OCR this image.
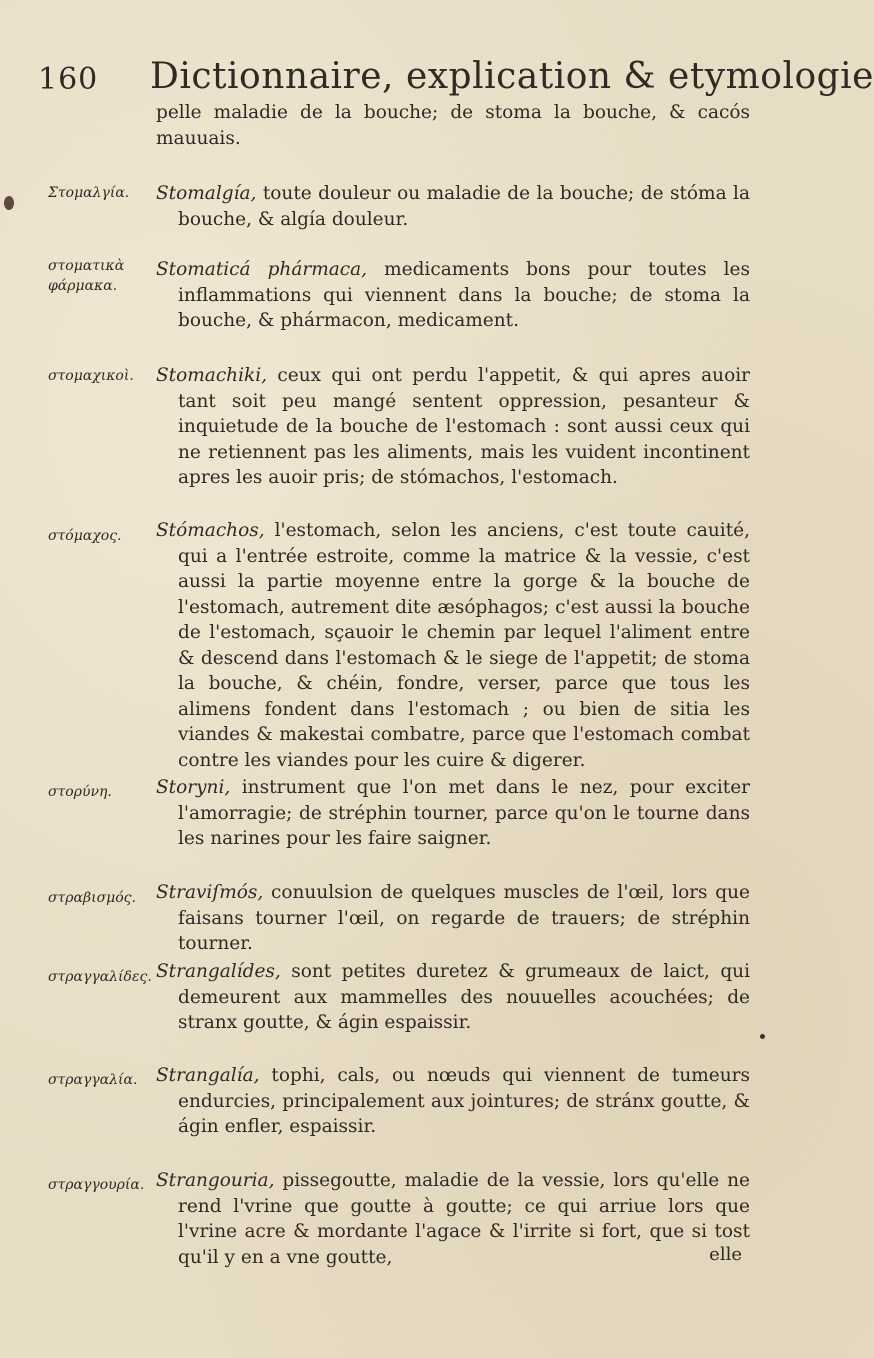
160 Dictionnaire, explication & etymologie
pelle maladie de la bouche; de stoma la bouche, & cacós mauuais.
Στομαλγία. Stomalgía, toute douleur ou maladie de la bouche; de stóma la bouche, & algía douleur.
στοματικὰ φάρμακα.
Stomaticá phármaca, medicaments bons pour toutes les inflammations qui viennent dans la bouche; de stoma la bouche, & phármacon, medicament.
στομαχικοὶ. Stomachiki, ceux qui ont perdu l'appetit, & qui apres auoir tant soit peu mangé sentent oppression, pesanteur & inquietude de la bouche de l'estomach : sont aussi ceux qui ne retiennent pas les aliments, mais les vuident incontinent apres les auoir pris; de stómachos, l'estomach.
στόμαχος. Stómachos, l'estomach, selon les anciens, c'est toute cauité, qui a l'entrée estroite, comme la matrice & la vessie, c'est aussi la partie moyenne entre la gorge & la bouche de l'estomach, autrement dite æsóphagos; c'est aussi la bouche de l'estomach, sçauoir le chemin par lequel l'aliment entre & descend dans l'estomach & le siege de l'appetit; de stoma la bouche, & chéin, fondre, verser, parce que tous les alimens fondent dans l'estomach ; ou bien de sitia les viandes & makestai combatre, parce que l'estomach combat contre les viandes pour les cuire & digerer.
στορύνη. Storyni, instrument que l'on met dans le nez, pour exciter l'amorragie; de stréphin tourner, parce qu'on le tourne dans les narines pour les faire saigner.
στραβισμός. Straviſmós, conuulsion de quelques muscles de l'œil, lors que faisans tourner l'œil, on regarde de trauers; de stréphin tourner.
στραγγαλίδες. Strangalídes, sont petites duretez & grumeaux de laict, qui demeurent aux mammelles des nouuelles acouchées; de stranx goutte, & ágin espaissir.
στραγγαλία. Strangalía, tophi, cals, ou nœuds qui viennent de tumeurs endurcies, principalement aux jointures; de stránx goutte, & ágin enfler, espaissir.
στραγγουρία. Strangouria, pissegoutte, maladie de la vessie, lors qu'elle ne rend l'vrine que goutte à goutte; ce qui arriue lors que l'vrine acre & mordante l'agace & l'irrite si fort, que si tost qu'il y en a vne goutte,	elle
